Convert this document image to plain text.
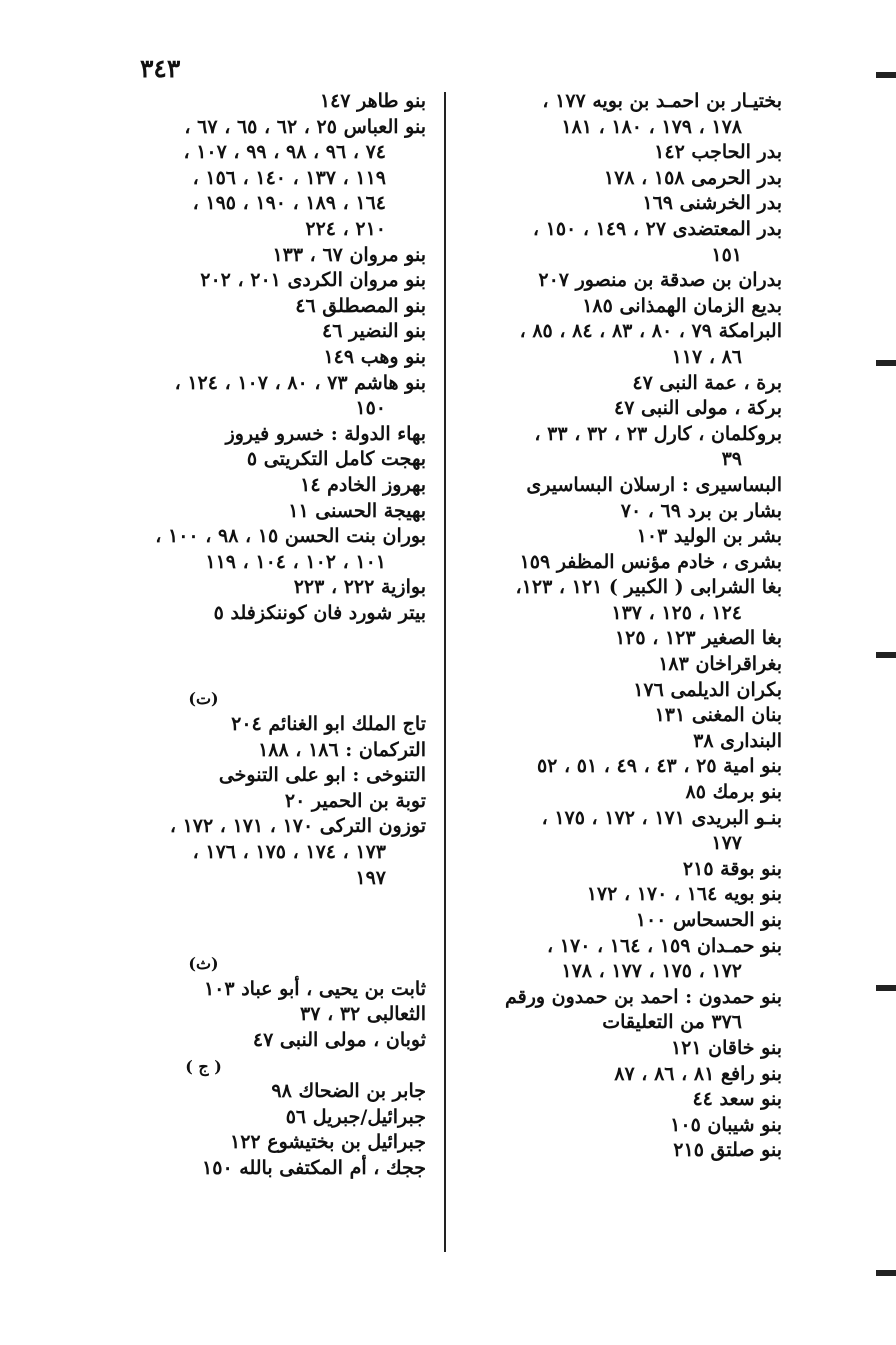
٣٤٣
بختيـار بن احمـد بن بويه ١٧٧ ،
١٧٨ ، ١٧٩ ، ١٨٠ ، ١٨١
بدر الحاجب ١٤٢
بدر الحرمى ١٥٨ ، ١٧٨
بدر الخرشنى ١٦٩
بدر المعتضدى ٢٧ ، ١٤٩ ، ١٥٠ ،
١٥١
بدران بن صدقة بن منصور ٢٠٧
بديع الزمان الهمذانى ١٨٥
البرامكة ٧٩ ، ٨٠ ، ٨٣ ، ٨٤ ، ٨٥ ،
٨٦ ، ١١٧
برة ، عمة النبى ٤٧
بركة ، مولى النبى ٤٧
بروكلمان ، كارل ٢٣ ، ٣٢ ، ٣٣ ،
٣٩
البساسيرى : ارسلان البساسيرى
بشار بن برد ٦٩ ، ٧٠
بشر بن الوليد ١٠٣
بشرى ، خادم مؤنس المظفر ١٥٩
بغا الشرابى ( الكبير ) ١٢١ ، ١٢٣،
١٢٤ ، ١٢٥ ، ١٣٧
بغا الصغير ١٢٣ ، ١٢٥
بغراقراخان ١٨٣
بكران الديلمى ١٧٦
بنان المغنى ١٣١
البندارى ٣٨
بنو امية ٢٥ ، ٤٣ ، ٤٩ ، ٥١ ، ٥٢
بنو برمك ٨٥
بنـو البريدى ١٧١ ، ١٧٢ ، ١٧٥ ،
١٧٧
بنو بوقة ٢١٥
بنو بويه ١٦٤ ، ١٧٠ ، ١٧٢
بنو الحسحاس ١٠٠
بنو حمـدان ١٥٩ ، ١٦٤ ، ١٧٠ ،
١٧٢ ، ١٧٥ ، ١٧٧ ، ١٧٨
بنو حمدون : احمد بن حمدون ورقم
٣٧٦ من التعليقات
بنو خاقان ١٢١
بنو رافع ٨١ ، ٨٦ ، ٨٧
بنو سعد ٤٤
بنو شيبان ١٠٥
بنو صلتق ٢١٥
بنو طاهر ١٤٧
بنو العباس ٢٥ ، ٦٢ ، ٦٥ ، ٦٧ ،
٧٤ ، ٩٦ ، ٩٨ ، ٩٩ ، ١٠٧ ،
١١٩ ، ١٣٧ ، ١٤٠ ، ١٥٦ ،
١٦٤ ، ١٨٩ ، ١٩٠ ، ١٩٥ ،
٢١٠ ، ٢٢٤
بنو مروان ٦٧ ، ١٣٣
بنو مروان الكردى ٢٠١ ، ٢٠٢
بنو المصطلق ٤٦
بنو النضير ٤٦
بنو وهب ١٤٩
بنو هاشم ٧٣ ، ٨٠ ، ١٠٧ ، ١٢٤ ،
١٥٠
بهاء الدولة : خسرو فيروز
بهجت كامل التكريتى ٥
بهروز الخادم ١٤
بهيجة الحسنى ١١
بوران بنت الحسن ١٥ ، ٩٨ ، ١٠٠ ،
١٠١ ، ١٠٢ ، ١٠٤ ، ١١٩
بوازية ٢٢٢ ، ٢٢٣
بيتر شورد فان كوننكزفلد ٥
(ت)
تاج الملك ابو الغنائم ٢٠٤
التركمان : ١٨٦ ، ١٨٨
التنوخى : ابو على التنوخى
توبة بن الحمير ٢٠
توزون التركى ١٧٠ ، ١٧١ ، ١٧٢ ،
١٧٣ ، ١٧٤ ، ١٧٥ ، ١٧٦ ،
١٩٧
(ث)
ثابت بن يحيى ، أبو عباد ١٠٣
الثعالبى ٣٢ ، ٣٧
ثوبان ، مولى النبى ٤٧
( ج )
جابر بن الضحاك ٩٨
جبرائيل/جبريل ٥٦
جبرائيل بن بختيشوع ١٢٢
ججك ، أم المكتفى بالله ١٥٠
